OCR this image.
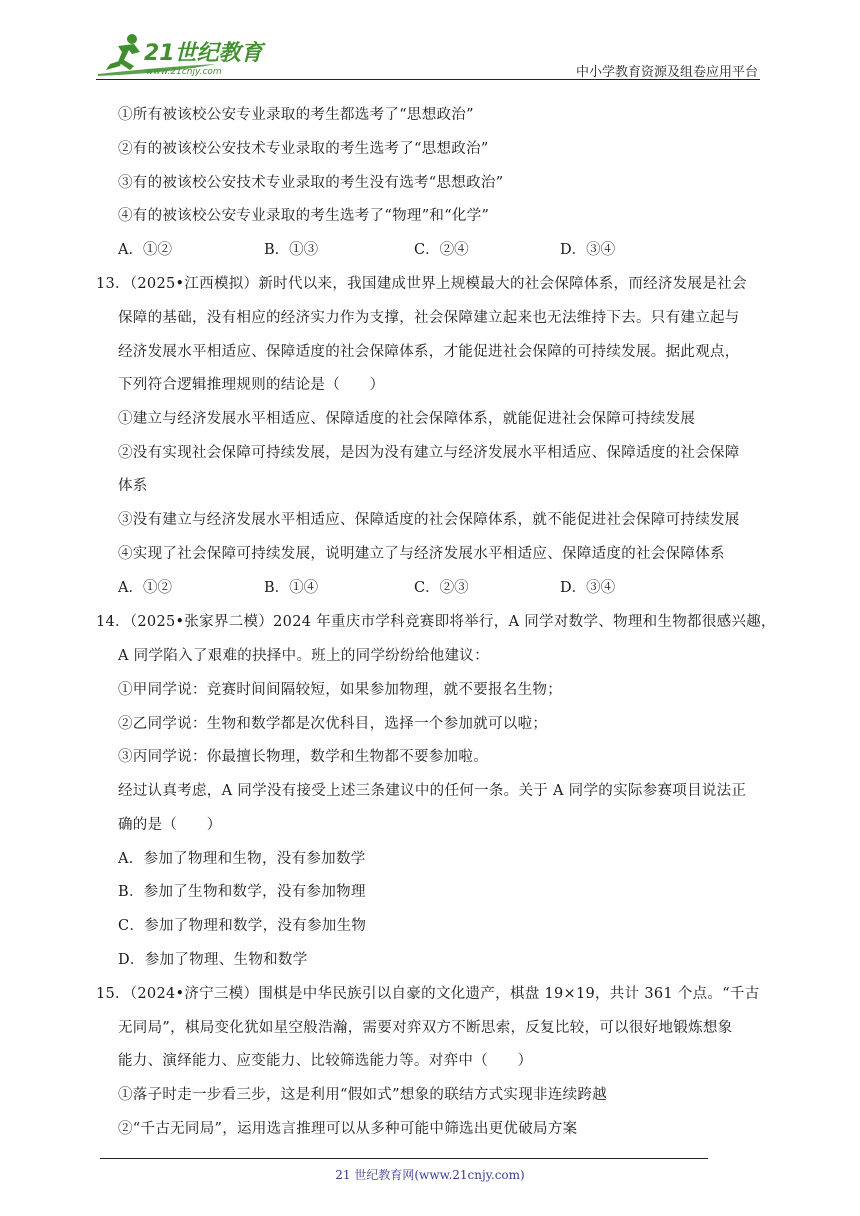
21世纪教育
www.21cnjy.com	中小学教育资源及组卷应用平台
①所有被该校公安专业录取的考生都选考了“思想政治”
②有的被该校公安技术专业录取的考生选考了“思想政治”
③有的被该校公安技术专业录取的考生没有选考“思想政治”
④有的被该校公安专业录取的考生选考了“物理”和“化学”
A．①②	B．①③	C．②④	D．③④
13．（2025•江西模拟）新时代以来，我国建成世界上规模最大的社会保障体系，而经济发展是社会
保障的基础，没有相应的经济实力作为支撑，社会保障建立起来也无法维持下去。只有建立起与
经济发展水平相适应、保障适度的社会保障体系，才能促进社会保障的可持续发展。据此观点，
下列符合逻辑推理规则的结论是（　　）
①建立与经济发展水平相适应、保障适度的社会保障体系，就能促进社会保障可持续发展
②没有实现社会保障可持续发展，是因为没有建立与经济发展水平相适应、保障适度的社会保障
体系
③没有建立与经济发展水平相适应、保障适度的社会保障体系，就不能促进社会保障可持续发展
④实现了社会保障可持续发展，说明建立了与经济发展水平相适应、保障适度的社会保障体系
A．①②	B．①④	C．②③	D．③④
14．（2025•张家界二模）2024 年重庆市学科竞赛即将举行，A 同学对数学、物理和生物都很感兴趣，
A 同学陷入了艰难的抉择中。班上的同学纷纷给他建议：
①甲同学说：竞赛时间间隔较短，如果参加物理，就不要报名生物；
②乙同学说：生物和数学都是次优科目，选择一个参加就可以啦；
③丙同学说：你最擅长物理，数学和生物都不要参加啦。
经过认真考虑，A 同学没有接受上述三条建议中的任何一条。关于 A 同学的实际参赛项目说法正
确的是（　　）
A．参加了物理和生物，没有参加数学
B．参加了生物和数学，没有参加物理
C．参加了物理和数学，没有参加生物
D．参加了物理、生物和数学
15．（2024•济宁三模）围棋是中华民族引以自豪的文化遗产，棋盘 19×19，共计 361 个点。“千古
无同局”，棋局变化犹如星空般浩瀚，需要对弈双方不断思索，反复比较，可以很好地锻炼想象
能力、演绎能力、应变能力、比较筛选能力等。对弈中（　　）
①落子时走一步看三步，这是利用“假如式”想象的联结方式实现非连续跨越
②“千古无同局”，运用选言推理可以从多种可能中筛选出更优破局方案
21 世纪教育网(www.21cnjy.com)
